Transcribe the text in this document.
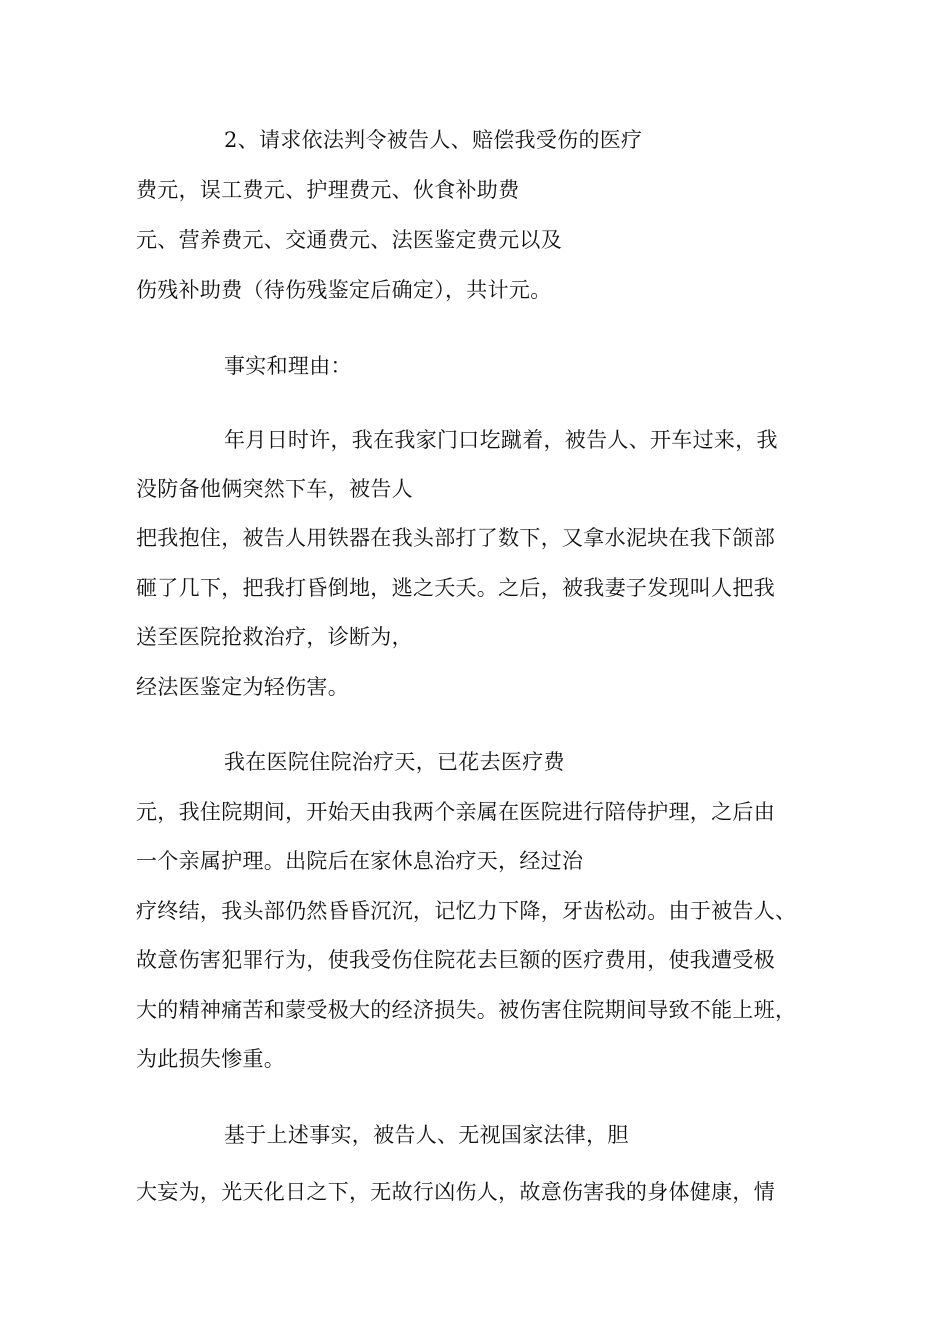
2、请求依法判令被告人、赔偿我受伤的医疗
费元，误工费元、护理费元、伙食补助费
元、营养费元、交通费元、法医鉴定费元以及
伤残补助费（待伤残鉴定后确定），共计元。
事实和理由：
年月日时许，我在我家门口圪蹴着，被告人、开车过来，我
没防备他俩突然下车，被告人
把我抱住，被告人用铁器在我头部打了数下，又拿水泥块在我下颌部
砸了几下，把我打昏倒地，逃之夭夭。之后，被我妻子发现叫人把我
送至医院抢救治疗，诊断为，
经法医鉴定为轻伤害。
我在医院住院治疗天，已花去医疗费
元，我住院期间，开始天由我两个亲属在医院进行陪侍护理，之后由
一个亲属护理。出院后在家休息治疗天，经过治
疗终结，我头部仍然昏昏沉沉，记忆力下降，牙齿松动。由于被告人、
故意伤害犯罪行为，使我受伤住院花去巨额的医疗费用，使我遭受极
大的精神痛苦和蒙受极大的经济损失。被伤害住院期间导致不能上班，
为此损失惨重。
基于上述事实，被告人、无视国家法律，胆
大妄为，光天化日之下，无故行凶伤人，故意伤害我的身体健康，情
